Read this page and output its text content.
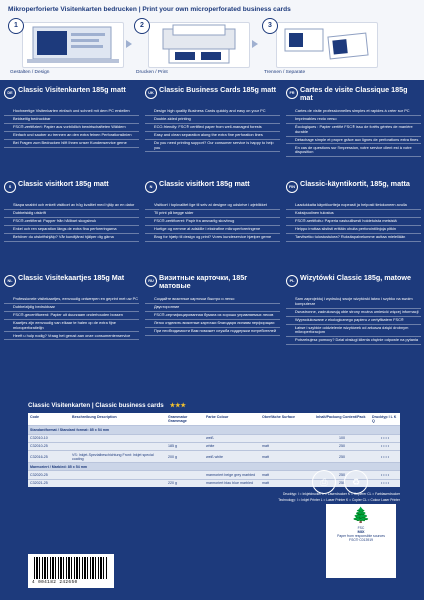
Mikroperforierte Visitenkarten bedrucken | Print your own microperforated business cards
1
Gestalten / Design
2
Drucken / Print
3
Trennen / Separate
DE Classic Visitenkarten 185g matt
Hochwertige Visitenkarten einfach und schnell mit dem PC erstellen
Beidseitig bedruckbar
FSC®-zertifiziert: Papier aus vorbildlich bewirtschafteten Wäldern
Einfach und sauber zu trennen an den extra feinen Perforationslinien
Bei Fragen zum Bedrucken hilft Ihnen unser Kundenservice gerne
UK Classic Business Cards 185g matt
Design high quality Business Cards quickly and easy on your PC
Double-sided printing
ECO-friendly: FSC® certified paper from well-managed forests
Easy and clean separation along the extra fine perforation lines
Do you need printing support? Our consumer service is happy to help you
FR Cartes de visite Classique 185g mat
Cartes de visite professionnelles simples et rapides à créer sur PC
Imprimables recto verso
Écologiques : Papier certifié FSC® issu de forêts gérées de manière durable
Détachage simple et propre grâce aux lignes de perforations extra fines
En cas de questions sur l'impression, votre service client est à votre disposition
S Classic visitkort 185g matt
Skapa snabbt och enkelt visitkort av hög kvalitet med hjälp av en dator
Dubbelsidig utskrift
FSC®-certifierat: Papper från hållbart skogsbruk
Enkel och ren separation längs de extra fina perforeringarna
Behöver du utskriftshjälp? Vår kundtjänst hjälper dig gärna
N Classic visitkort 185g matt
Visitkort i topkvalitet lige til selv at designe og udskrive i øjeblikket
Til print på begge sider
FSC®-certificeret: Papir fra ansvarlig skovbrug
Hurtige og nemme at adskille i ekstrafine mikroperforeringene
Brug for hjælp til design og print? Vores kundeservice hjælper gerne
FIN Classic-käyntikortit, 185g, matta
Laadukkaita käyntikortteja nopeasti ja helposti tietokoneen avulla
Kaksipuolinen tulostus
FSC®-sertifioitu: Paperia vastuullisesti hoidetuista metsistä
Helppo irrottaa siististi erittäin ohuita perforointilinjoja pitkin
Tarvitsetko tulostustukea? Ruksitapalvelumme auttaa mielellään
NL Classic Visitekaartjes 185g Mat
Professionele visitekaartjes, eenvoudig ontwerpen en geprint met uw PC
Dubbelzijdig bedrukbaar
FSC®-gecertificeerd: Papier uit duurzaam onderhouden bossen
Kaartjes zijn eenvoudig van elkaar te halen op de extra fijne microperforatielijn
Heeft u hulp nodig? Vraag het gerust aan onze consumentenservice
RU Визитные карточки, 185г матовые
Создайте визитные карточки быстро и легко
Двусторонние
FSC®-сертифицированная бумага из хорошо управляемых лесов
Легко отделить визитные карточки благодаря линиям перфорации
При необходимости Вам поможет служба поддержки потребителей
PL Wizytówki Classic 185g, matowe
Sam zaprojektuj i wydrukuj swoje wizytówki łatwo i szybko na swoim komputerze
Dwustronne, zadrukowują obie strony można umieścić więcej informacji
Wyprodukowane z ekologicznego papieru z certyfikatem FSC®
Łatwe i szybkie oddzielenie wizytówek od arkusza dzięki drobnym mikroperforacjom
Potrzebujesz pomocy? Dział obsługi klienta chętnie odpowie na pytania
Classic Visitenkarten | Classic business cards ★★★
Code	Beschreibung Description	Grammatur Grammage	Farbe Colour	Oberfläche Surface	Inhalt/Packung Content/Pack	Drucktyp I L K Q
Standardformat / Standard format: 85 x 54 mm						
C32010-10			weiß		100	• • • •
C32010-25		185 g	white	matt	250	• • • •
C32016-25	VS: Inkjet-Spezialbeschichtung Front: Inkjet special coating	200 g	weiß white	matt	250	• • • •
Marmoriert / Marbled: 85 x 54 mm						
C32020-25			marmoriert beige grey marbled	matt	250	• • • •
C32021-25		220 g	marmoriert blau blue marbled	matt	250	• • • •
Drucktyp: I = Inkjetdrucker L = Laserdrucker K = Kopierer CL = Farblaserdrucker
Technology: I = Inkjet Printer L = Laser Printer K = Copier CL = Colour Laser Printer
⎙	♻
🌲
FSC
MIX
Paper from responsible sources
FSC® C013919
4 004182 242650
